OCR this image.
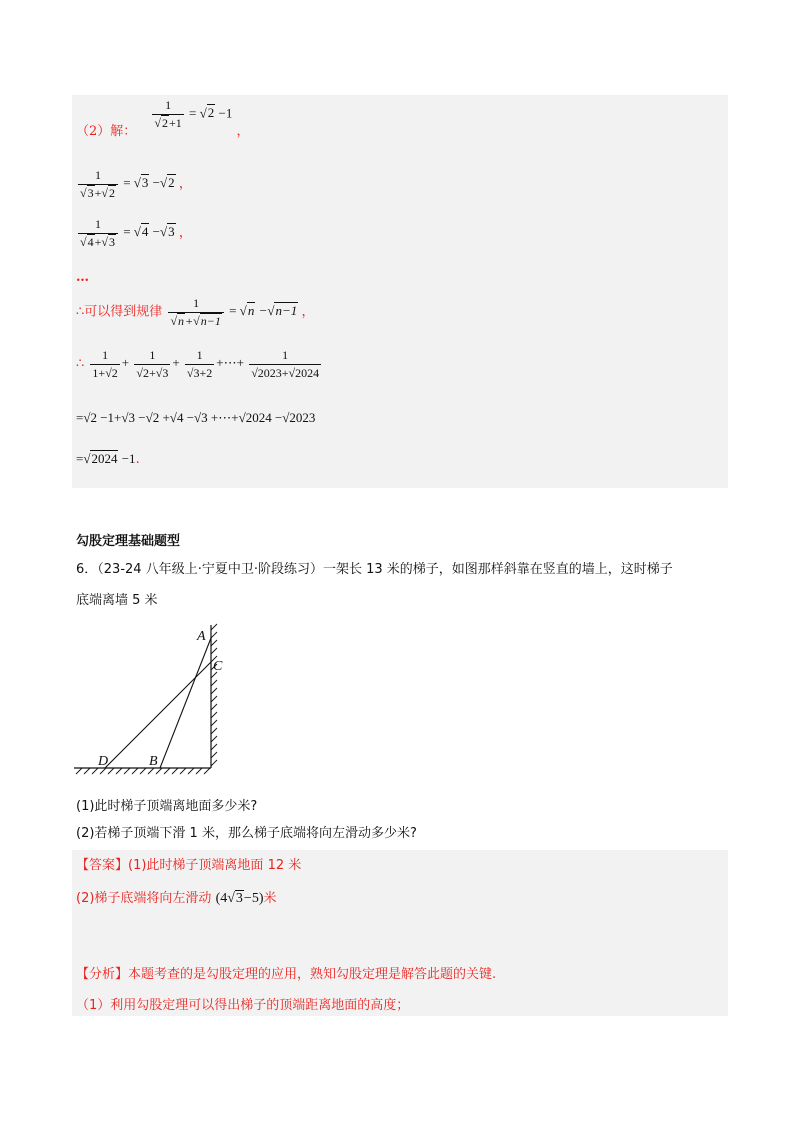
（2）解：
$\frac{1}{√2+1} = √2 -1$ ，
$\frac{1}{√3+√2} = √3 -√2$ ，
$\frac{1}{√4+√3} = √4 -√3$ ，
…
∴可以得到规律 $\frac{1}{√n+√n-1} = √n -√n-1$ ，
∴ $\frac{1}{1+√2} + \frac{1}{√2+√3} + \frac{1}{√3+2}$ +⋯+ $\frac{1}{√2023+√2024}$
=√2 −1+√3 −√2 +√4 −√3 +⋯+√2024 −√2023
=√2024 −1.
勾股定理基础题型
6．（23-24 八年级上·宁夏中卫·阶段练习）一架长 13 米的梯子，如图那样斜靠在竖直的墙上，这时梯子
底端离墙 5 米
A
C
D	B
(1)此时梯子顶端离地面多少米?
(2)若梯子顶端下滑 1 米，那么梯子底端将向左滑动多少米?
【答案】(1)此时梯子顶端离地面 12 米
(2)梯子底端将向左滑动 (4√3−5)米
【分析】本题考查的是勾股定理的应用，熟知勾股定理是解答此题的关键.
（1）利用勾股定理可以得出梯子的顶端距离地面的高度；
